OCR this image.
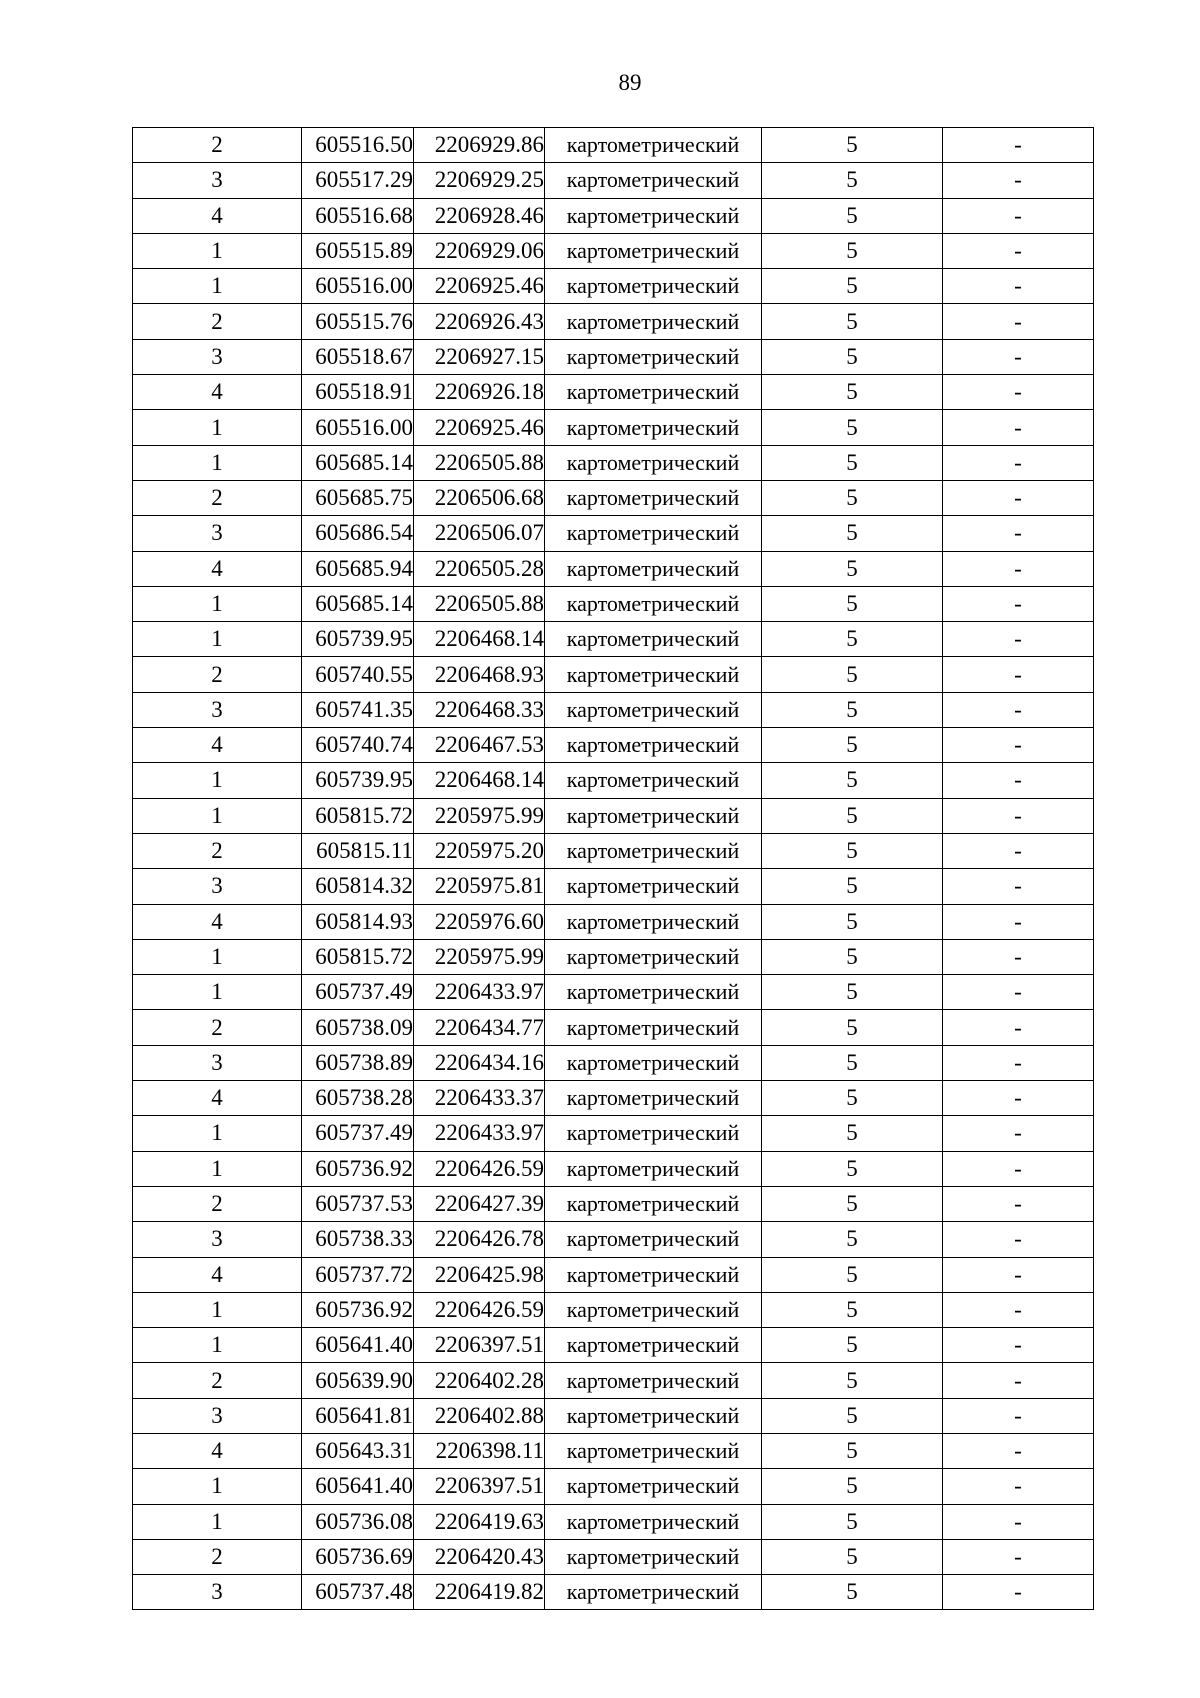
89
2	605516.50	2206929.86	картометрический	5	-
3	605517.29	2206929.25	картометрический	5	-
4	605516.68	2206928.46	картометрический	5	-
1	605515.89	2206929.06	картометрический	5	-
1	605516.00	2206925.46	картометрический	5	-
2	605515.76	2206926.43	картометрический	5	-
3	605518.67	2206927.15	картометрический	5	-
4	605518.91	2206926.18	картометрический	5	-
1	605516.00	2206925.46	картометрический	5	-
1	605685.14	2206505.88	картометрический	5	-
2	605685.75	2206506.68	картометрический	5	-
3	605686.54	2206506.07	картометрический	5	-
4	605685.94	2206505.28	картометрический	5	-
1	605685.14	2206505.88	картометрический	5	-
1	605739.95	2206468.14	картометрический	5	-
2	605740.55	2206468.93	картометрический	5	-
3	605741.35	2206468.33	картометрический	5	-
4	605740.74	2206467.53	картометрический	5	-
1	605739.95	2206468.14	картометрический	5	-
1	605815.72	2205975.99	картометрический	5	-
2	605815.11	2205975.20	картометрический	5	-
3	605814.32	2205975.81	картометрический	5	-
4	605814.93	2205976.60	картометрический	5	-
1	605815.72	2205975.99	картометрический	5	-
1	605737.49	2206433.97	картометрический	5	-
2	605738.09	2206434.77	картометрический	5	-
3	605738.89	2206434.16	картометрический	5	-
4	605738.28	2206433.37	картометрический	5	-
1	605737.49	2206433.97	картометрический	5	-
1	605736.92	2206426.59	картометрический	5	-
2	605737.53	2206427.39	картометрический	5	-
3	605738.33	2206426.78	картометрический	5	-
4	605737.72	2206425.98	картометрический	5	-
1	605736.92	2206426.59	картометрический	5	-
1	605641.40	2206397.51	картометрический	5	-
2	605639.90	2206402.28	картометрический	5	-
3	605641.81	2206402.88	картометрический	5	-
4	605643.31	2206398.11	картометрический	5	-
1	605641.40	2206397.51	картометрический	5	-
1	605736.08	2206419.63	картометрический	5	-
2	605736.69	2206420.43	картометрический	5	-
3	605737.48	2206419.82	картометрический	5	-
